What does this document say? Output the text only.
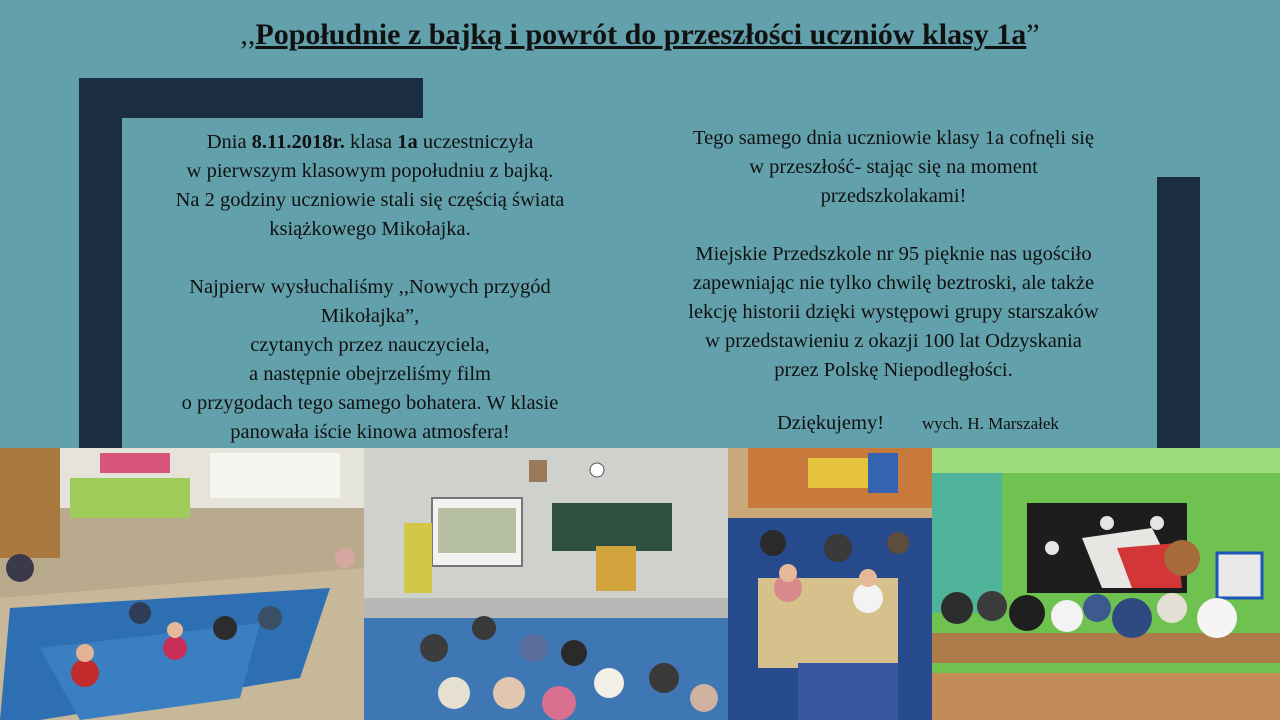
,,Popołudnie z bajką i powrót do przeszłości uczniów klasy 1a”

Dnia 8.11.2018r. klasa 1a uczestniczyła

w pierwszym klasowym popołudniu z bajką.

Na 2 godziny uczniowie stali się częścią świata

książkowego Mikołajka.

Najpierw wysłuchaliśmy ,,Nowych przygód

Mikołajka”,

czytanych przez nauczyciela,

a następnie obejrzeliśmy film

o przygodach tego samego bohatera. W klasie

panowała iście kinowa atmosfera!

Tego samego dnia uczniowie klasy 1a cofnęli się

w przeszłość- stając się na moment

przedszkolakami!

Miejskie Przedszkole nr 95 pięknie nas ugościło

zapewniając nie tylko chwilę beztroski, ale także

lekcję historii dzięki występowi grupy starszaków

w przedstawieniu z okazji 100 lat Odzyskania

przez Polskę Niepodległości.

Dziękujemy! wych. H. Marszałek
